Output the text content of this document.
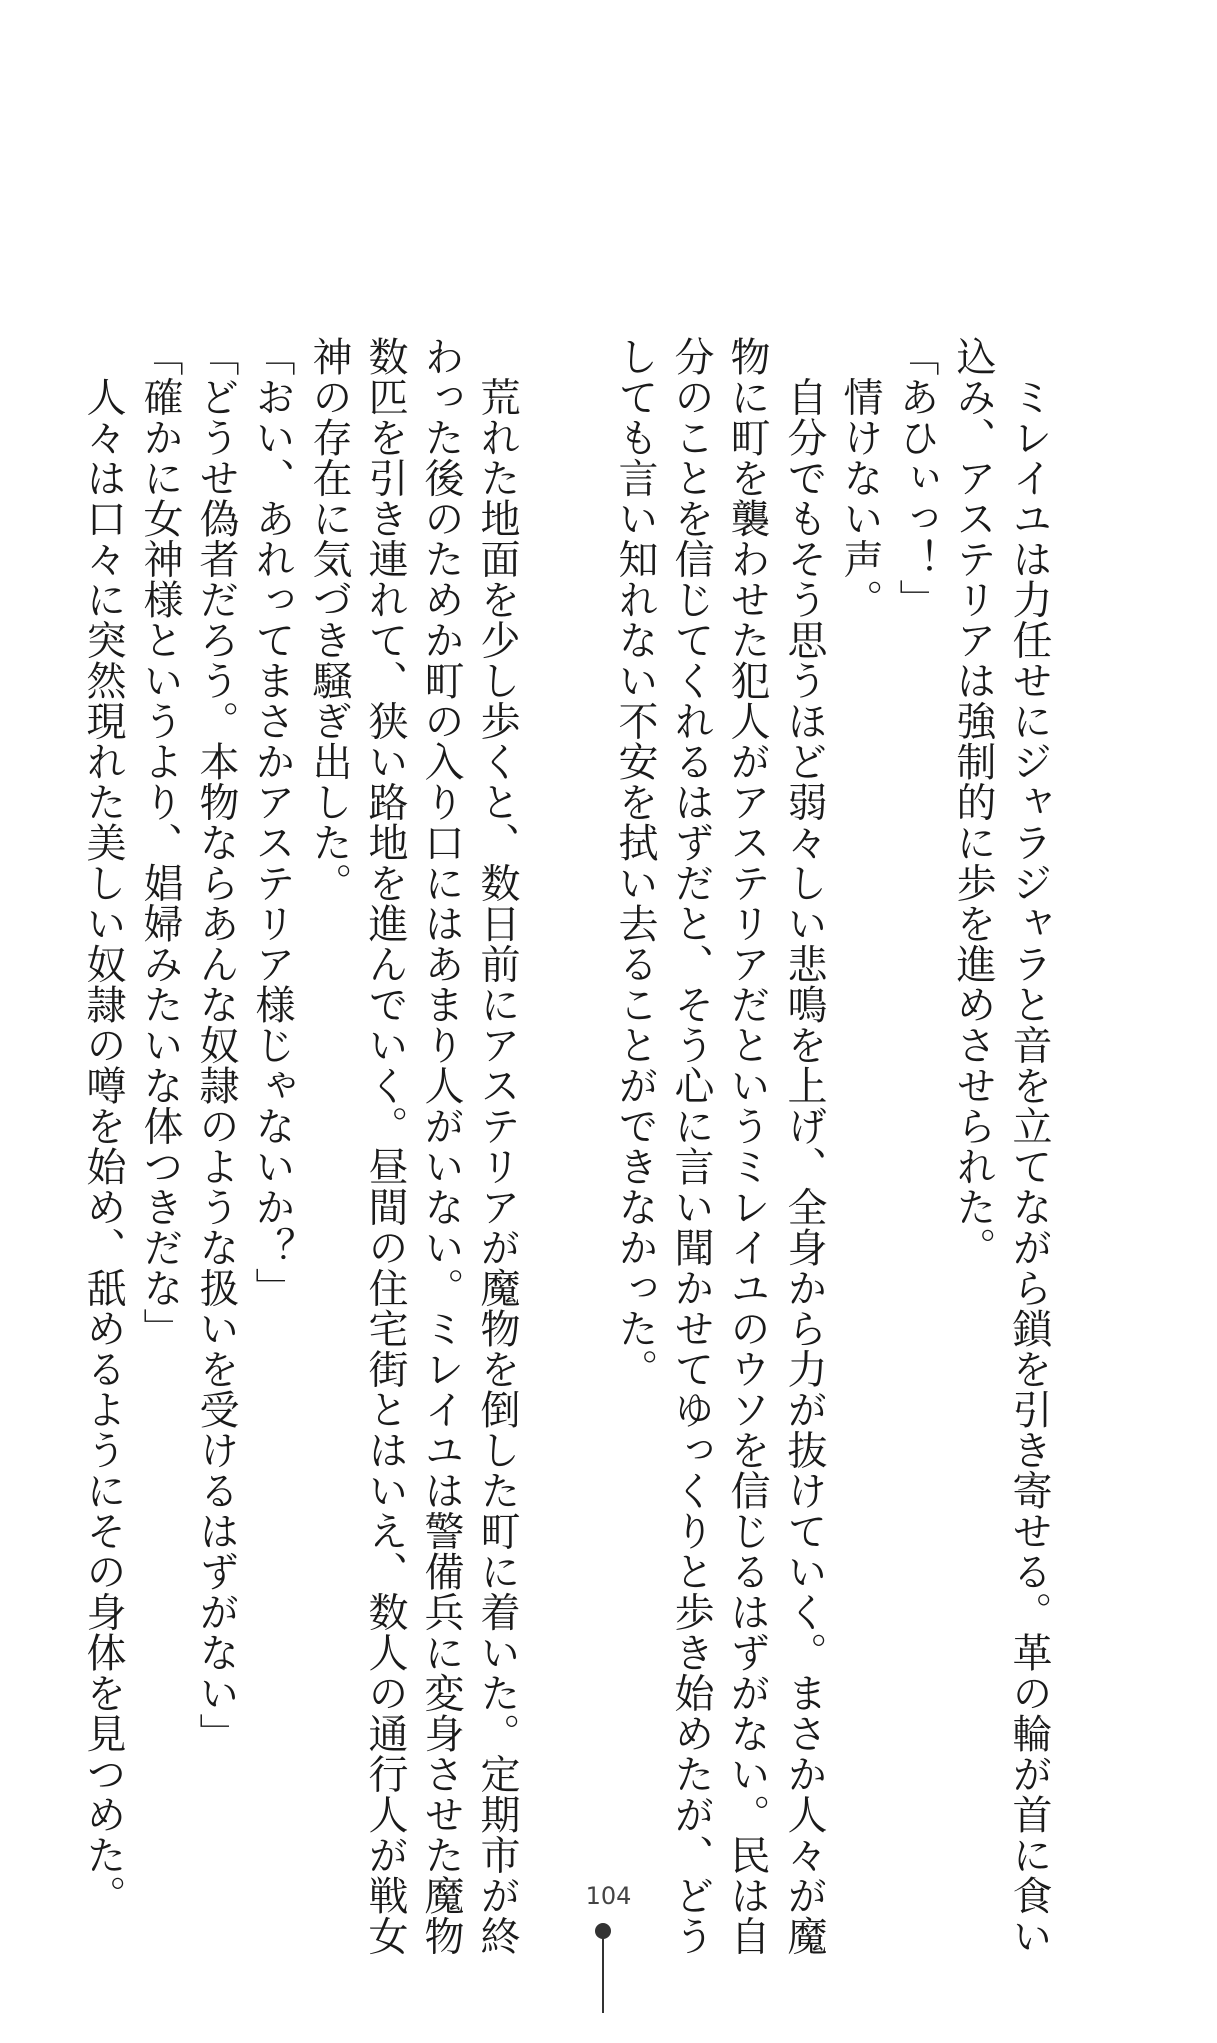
　ミレイユは力任せにジャラジャラと音を立てながら鎖を引き寄せる。革の輪が首に食い
込み、アステリアは強制的に歩を進めさせられた。
「あひぃっ！」
　情けない声。
　自分でもそう思うほど弱々しい悲鳴を上げ、全身から力が抜けていく。まさか人々が魔
物に町を襲わせた犯人がアステリアだというミレイユのウソを信じるはずがない。民は自
分のことを信じてくれるはずだと、そう心に言い聞かせてゆっくりと歩き始めたが、どう
しても言い知れない不安を拭い去ることができなかった。
　荒れた地面を少し歩くと、数日前にアステリアが魔物を倒した町に着いた。定期市が終
わった後のためか町の入り口にはあまり人がいない。ミレイユは警備兵に変身させた魔物
数匹を引き連れて、狭い路地を進んでいく。昼間の住宅街とはいえ、数人の通行人が戦女
神の存在に気づき騒ぎ出した。
「おい、あれってまさかアステリア様じゃないか？」
「どうせ偽者だろう。本物ならあんな奴隷のような扱いを受けるはずがない」
「確かに女神様というより、娼婦みたいな体つきだな」
　人々は口々に突然現れた美しい奴隷の噂を始め、舐めるようにその身体を見つめた。	104
